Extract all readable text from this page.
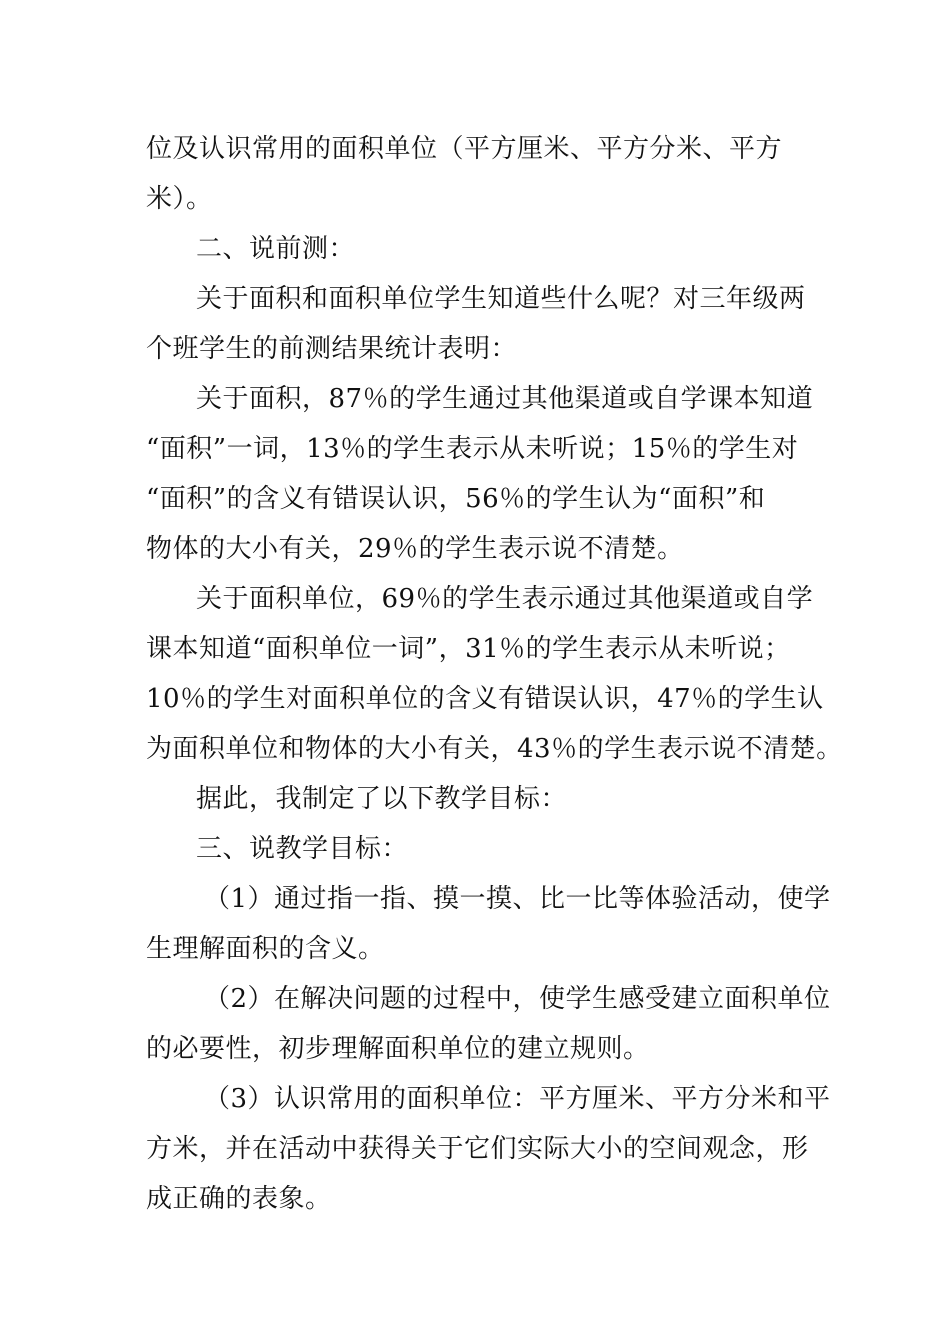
位及认识常用的面积单位（平方厘米、平方分米、平方
米）。
二、说前测：
关于面积和面积单位学生知道些什么呢？对三年级两
个班学生的前测结果统计表明：
关于面积，87％的学生通过其他渠道或自学课本知道
“面积”一词，13％的学生表示从未听说；15％的学生对
“面积”的含义有错误认识，56％的学生认为“面积”和
物体的大小有关，29％的学生表示说不清楚。
关于面积单位，69％的学生表示通过其他渠道或自学
课本知道“面积单位一词”，31％的学生表示从未听说；
10％的学生对面积单位的含义有错误认识，47％的学生认
为面积单位和物体的大小有关，43％的学生表示说不清楚。
据此，我制定了以下教学目标：
三、说教学目标：
（1）通过指一指、摸一摸、比一比等体验活动，使学
生理解面积的含义。
（2）在解决问题的过程中，使学生感受建立面积单位
的必要性，初步理解面积单位的建立规则。
（3）认识常用的面积单位：平方厘米、平方分米和平
方米，并在活动中获得关于它们实际大小的空间观念，形
成正确的表象。
